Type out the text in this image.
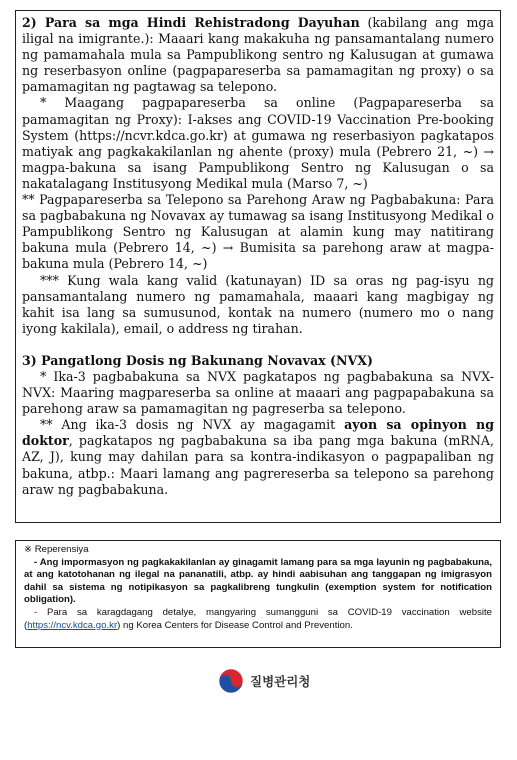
2) Para sa mga Hindi Rehistradong Dayuhan (kabilang ang mga iligal na imigrante.): Maaari kang makakuha ng pansamantalang numero ng pamamahala mula sa Pampublikong sentro ng Kalusugan at gumawa ng reserbasyon online (pagpapareserba sa pamamagitan ng proxy) o sa pamamagitan ng pagtawag sa telepono.

* Maagang pagpapareserba sa online (Pagpapareserba sa pamamagitan ng Proxy): I-akses ang COVID-19 Vaccination Pre-booking System (https://ncvr.kdca.go.kr) at gumawa ng reserbasiyon pagkatapos matiyak ang pagkakakilanlan ng ahente (proxy) mula (Pebrero 21, ~) → magpa-bakuna sa isang Pampublikong Sentro ng Kalusugan o sa nakatalagang Institusyong Medikal mula (Marso 7, ~)

** Pagpapareserba sa Telepono sa Parehong Araw ng Pagbabakuna: Para sa pagbabakuna ng Novavax ay tumawag sa isang Institusyong Medikal o Pampublikong Sentro ng Kalusugan at alamin kung may natitirang bakuna mula (Pebrero 14, ~) → Bumisita sa parehong araw at magpa-bakuna mula (Pebrero 14, ~)

*** Kung wala kang valid (katunayan) ID sa oras ng pag-isyu ng pansamantalang numero ng pamamahala, maaari kang magbigay ng kahit isa lang sa sumusunod, kontak na numero (numero mo o nang iyong kakilala), email, o address ng tirahan.

3) Pangatlong Dosis ng Bakunang Novavax (NVX)

* Ika-3 pagbabakuna sa NVX pagkatapos ng pagbabakuna sa NVX-NVX: Maaring magpareserba sa online at maaari ang pagpapabakuna sa parehong araw sa pamamagitan ng pagreserba sa telepono.

** Ang ika-3 dosis ng NVX ay magagamit ayon sa opinyon ng doktor, pagkatapos ng pagbabakuna sa iba pang mga bakuna (mRNA, AZ, J), kung may dahilan para sa kontra-indikasyon o pagpapaliban ng bakuna, atbp.: Maari lamang ang pagrereserba sa telepono sa parehong araw ng pagbabakuna.

※ Reperensiya

- Ang impormasyon ng pagkakakilanlan ay ginagamit lamang para sa mga layunin ng pagbabakuna, at ang katotohanan ng ilegal na pananatili, atbp. ay hindi aabisuhan ang tanggapan ng imigrasyon dahil sa sistema ng notipikasyon sa pagkalibreng tungkulin (exemption system for notification obligation).

- Para sa karagdagang detalye, mangyaring sumangguni sa COVID-19 vaccination website (https://ncv.kdca.go.kr) ng Korea Centers for Disease Control and Prevention.

질병관리청
